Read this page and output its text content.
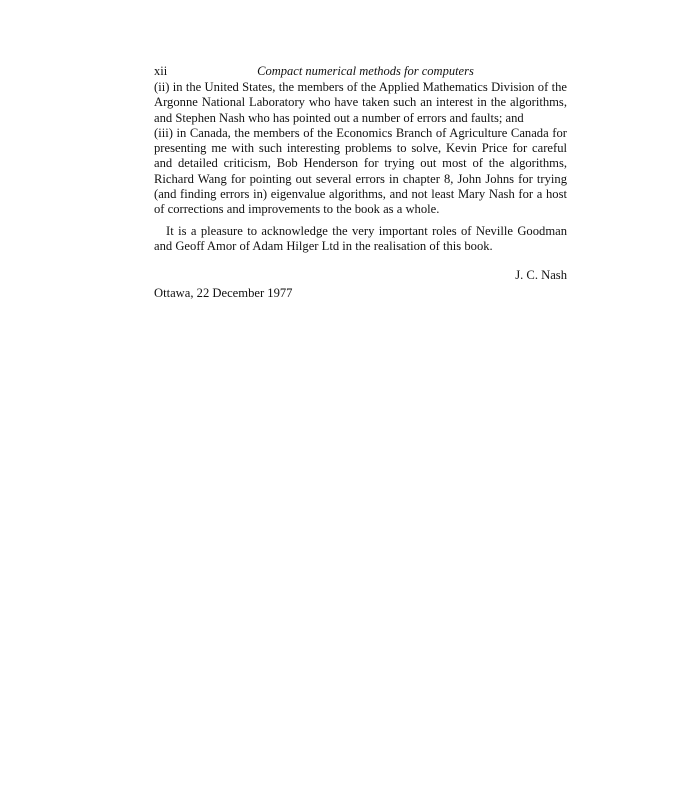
xii	Compact numerical methods for computers

(ii) in the United States, the members of the Applied Mathematics Division of the Argonne National Laboratory who have taken such an interest in the algorithms, and Stephen Nash who has pointed out a number of errors and faults; and

(iii) in Canada, the members of the Economics Branch of Agriculture Canada for presenting me with such interesting problems to solve, Kevin Price for careful and detailed criticism, Bob Henderson for trying out most of the algorithms, Richard Wang for pointing out several errors in chapter 8, John Johns for trying (and finding errors in) eigenvalue algorithms, and not least Mary Nash for a host of corrections and improvements to the book as a whole.

It is a pleasure to acknowledge the very important roles of Neville Goodman and Geoff Amor of Adam Hilger Ltd in the realisation of this book.

J. C. Nash
Ottawa, 22 December 1977
